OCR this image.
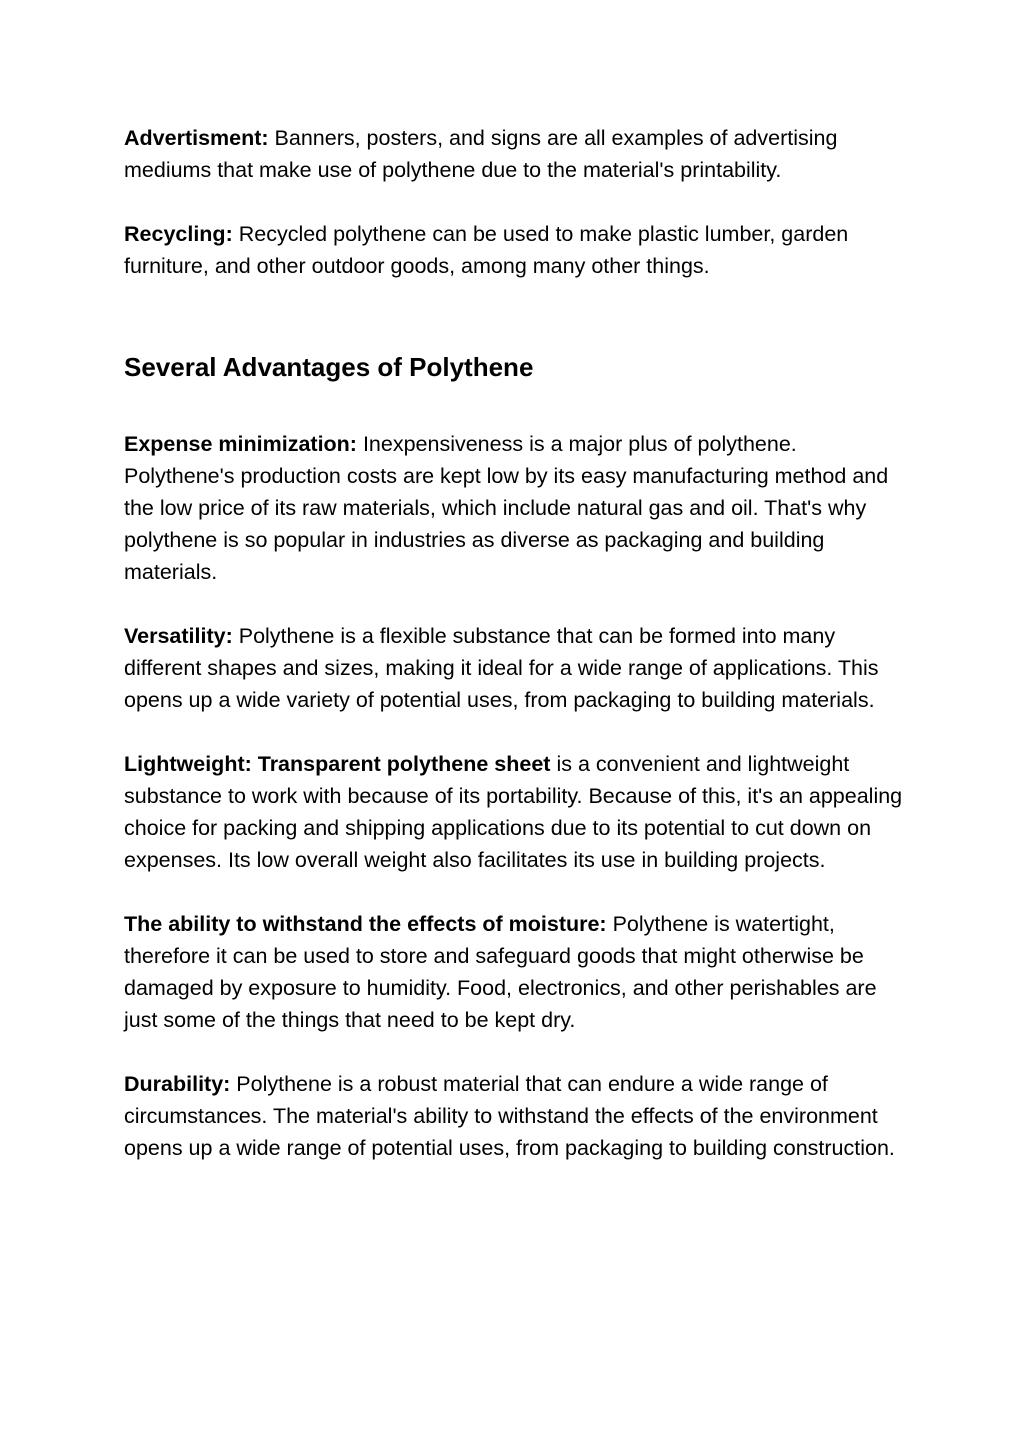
Advertisment: Banners, posters, and signs are all examples of advertising mediums that make use of polythene due to the material's printability.

Recycling: Recycled polythene can be used to make plastic lumber, garden furniture, and other outdoor goods, among many other things.

Several Advantages of Polythene

Expense minimization: Inexpensiveness is a major plus of polythene. Polythene's production costs are kept low by its easy manufacturing method and the low price of its raw materials, which include natural gas and oil. That's why polythene is so popular in industries as diverse as packaging and building materials.

Versatility: Polythene is a flexible substance that can be formed into many different shapes and sizes, making it ideal for a wide range of applications. This opens up a wide variety of potential uses, from packaging to building materials.

Lightweight: Transparent polythene sheet is a convenient and lightweight substance to work with because of its portability. Because of this, it's an appealing choice for packing and shipping applications due to its potential to cut down on expenses. Its low overall weight also facilitates its use in building projects.

The ability to withstand the effects of moisture: Polythene is watertight, therefore it can be used to store and safeguard goods that might otherwise be damaged by exposure to humidity. Food, electronics, and other perishables are just some of the things that need to be kept dry.

Durability: Polythene is a robust material that can endure a wide range of circumstances. The material's ability to withstand the effects of the environment opens up a wide range of potential uses, from packaging to building construction.
